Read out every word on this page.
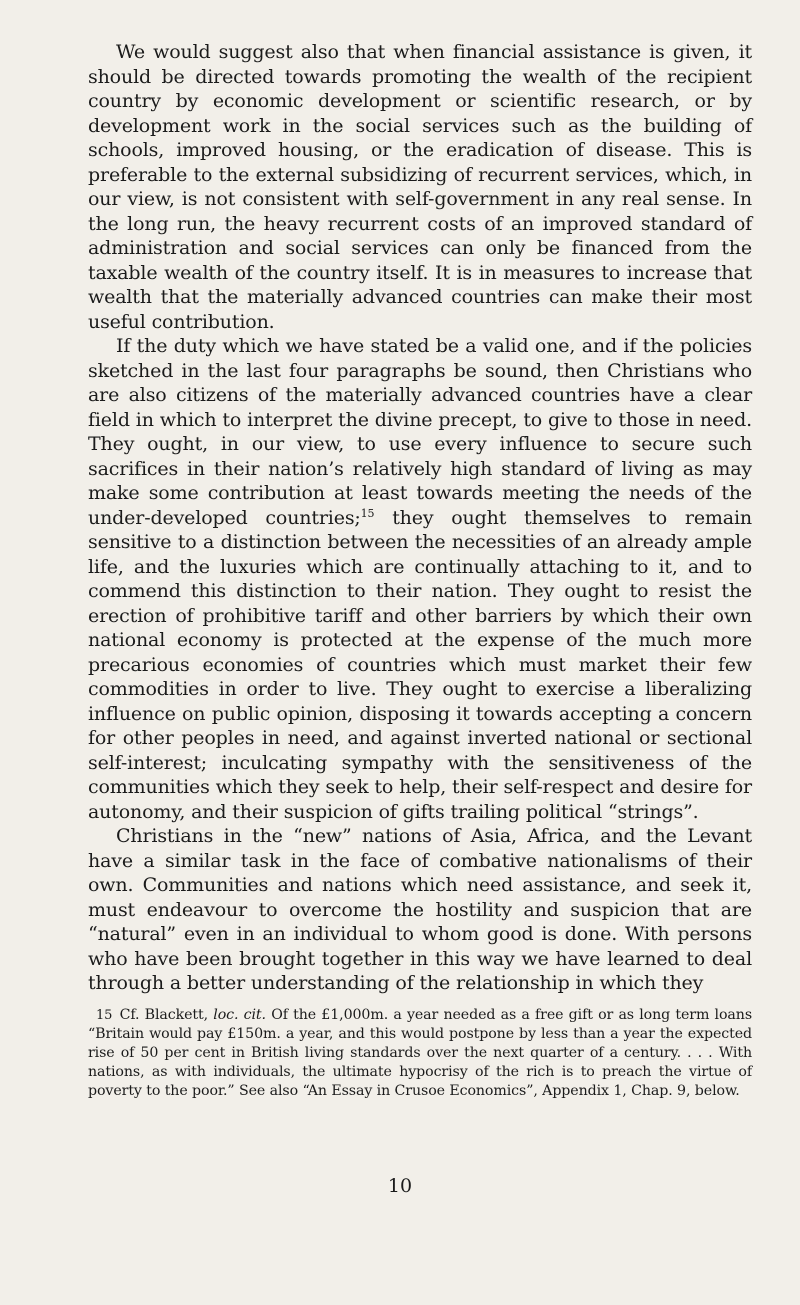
We would suggest also that when financial assistance is given, it should be directed towards promoting the wealth of the recipient country by economic development or scientific research, or by development work in the social services such as the building of schools, improved housing, or the eradication of disease. This is preferable to the external subsidizing of recurrent services, which, in our view, is not consistent with self-government in any real sense. In the long run, the heavy recurrent costs of an improved standard of administration and social services can only be financed from the taxable wealth of the country itself. It is in measures to increase that wealth that the materially advanced countries can make their most useful contribution.

If the duty which we have stated be a valid one, and if the policies sketched in the last four paragraphs be sound, then Christians who are also citizens of the materially advanced countries have a clear field in which to interpret the divine precept, to give to those in need. They ought, in our view, to use every influence to secure such sacrifices in their nation’s relatively high standard of living as may make some contribution at least towards meeting the needs of the under-developed countries;$^{15}$ they ought themselves to remain sensitive to a distinction between the necessities of an already ample life, and the luxuries which are continually attaching to it, and to commend this distinction to their nation. They ought to resist the erection of prohibitive tariff and other barriers by which their own national economy is protected at the expense of the much more precarious economies of countries which must market their few commodities in order to live. They ought to exercise a liberalizing influence on public opinion, disposing it towards accepting a concern for other peoples in need, and against inverted national or sectional self-interest; inculcating sympathy with the sensitiveness of the communities which they seek to help, their self-respect and desire for autonomy, and their suspicion of gifts trailing political “strings”.

Christians in the “new” nations of Asia, Africa, and the Levant have a similar task in the face of combative nationalisms of their own. Communities and nations which need assistance, and seek it, must endeavour to overcome the hostility and suspicion that are “natural” even in an individual to whom good is done. With persons who have been brought together in this way we have learned to deal through a better understanding of the relationship in which they

15 Cf. Blackett, loc. cit. Of the £1,000m. a year needed as a free gift or as long term loans “Britain would pay £150m. a year, and this would postpone by less than a year the expected rise of 50 per cent in British living standards over the next quarter of a century. . . . With nations, as with individuals, the ultimate hypocrisy of the rich is to preach the virtue of poverty to the poor.” See also “An Essay in Crusoe Economics”, Appendix 1, Chap. 9, below.
10
